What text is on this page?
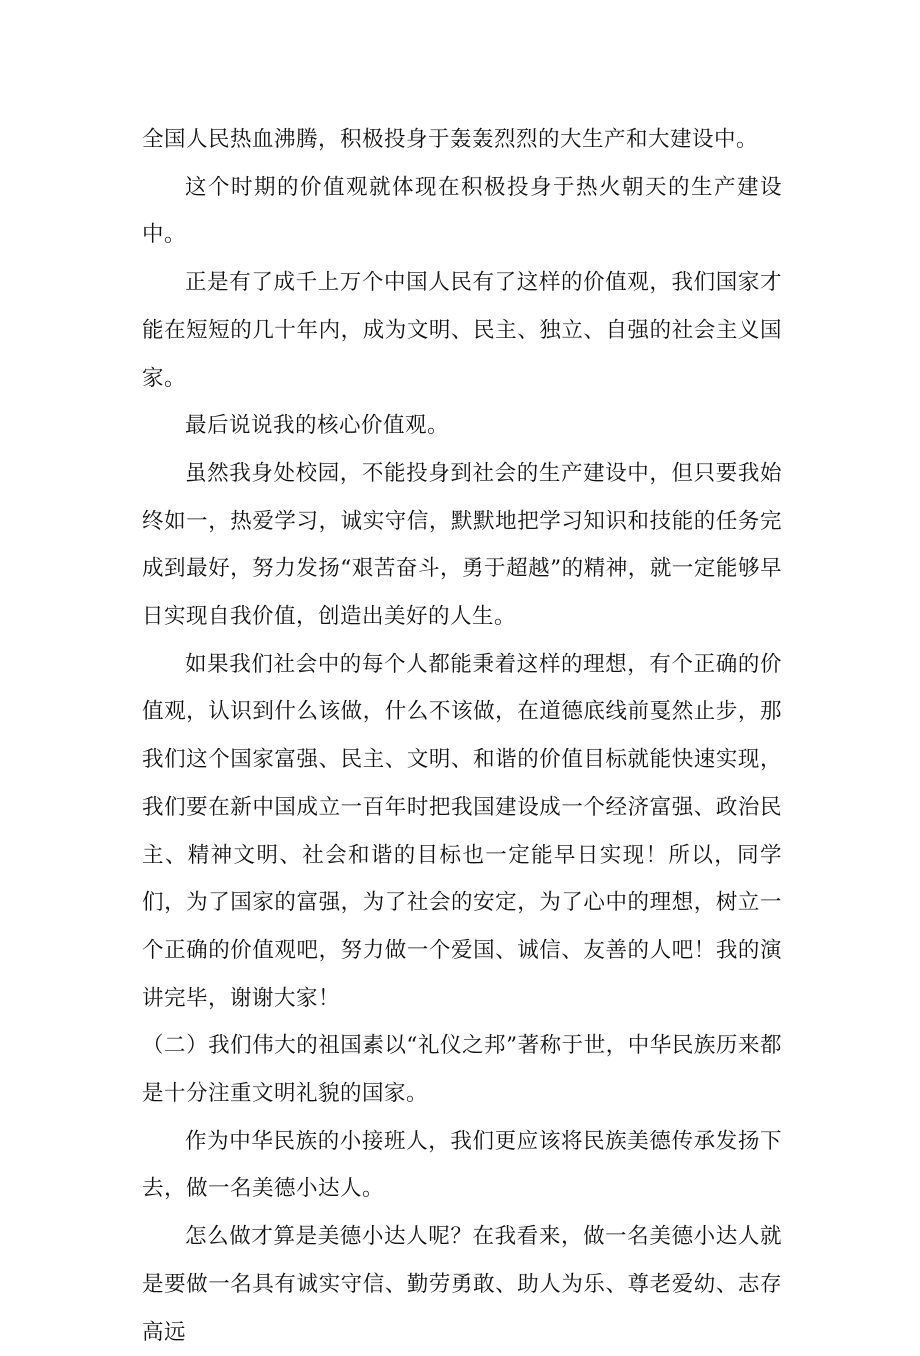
全国人民热血沸腾，积极投身于轰轰烈烈的大生产和大建设中。

这个时期的价值观就体现在积极投身于热火朝天的生产建设中。

正是有了成千上万个中国人民有了这样的价值观，我们国家才能在短短的几十年内，成为文明、民主、独立、自强的社会主义国家。

最后说说我的核心价值观。

虽然我身处校园，不能投身到社会的生产建设中，但只要我始终如一，热爱学习，诚实守信，默默地把学习知识和技能的任务完成到最好，努力发扬“艰苦奋斗，勇于超越”的精神，就一定能够早日实现自我价值，创造出美好的人生。

如果我们社会中的每个人都能秉着这样的理想，有个正确的价值观，认识到什么该做，什么不该做，在道德底线前戛然止步，那我们这个国家富强、民主、文明、和谐的价值目标就能快速实现，我们要在新中国成立一百年时把我国建设成一个经济富强、政治民主、精神文明、社会和谐的目标也一定能早日实现！所以，同学们，为了国家的富强，为了社会的安定，为了心中的理想，树立一个正确的价值观吧，努力做一个爱国、诚信、友善的人吧！我的演讲完毕，谢谢大家！

（二）我们伟大的祖国素以“礼仪之邦”著称于世，中华民族历来都是十分注重文明礼貌的国家。

作为中华民族的小接班人，我们更应该将民族美德传承发扬下去，做一名美德小达人。

怎么做才算是美德小达人呢？在我看来，做一名美德小达人就是要做一名具有诚实守信、勤劳勇敢、助人为乐、尊老爱幼、志存高远
